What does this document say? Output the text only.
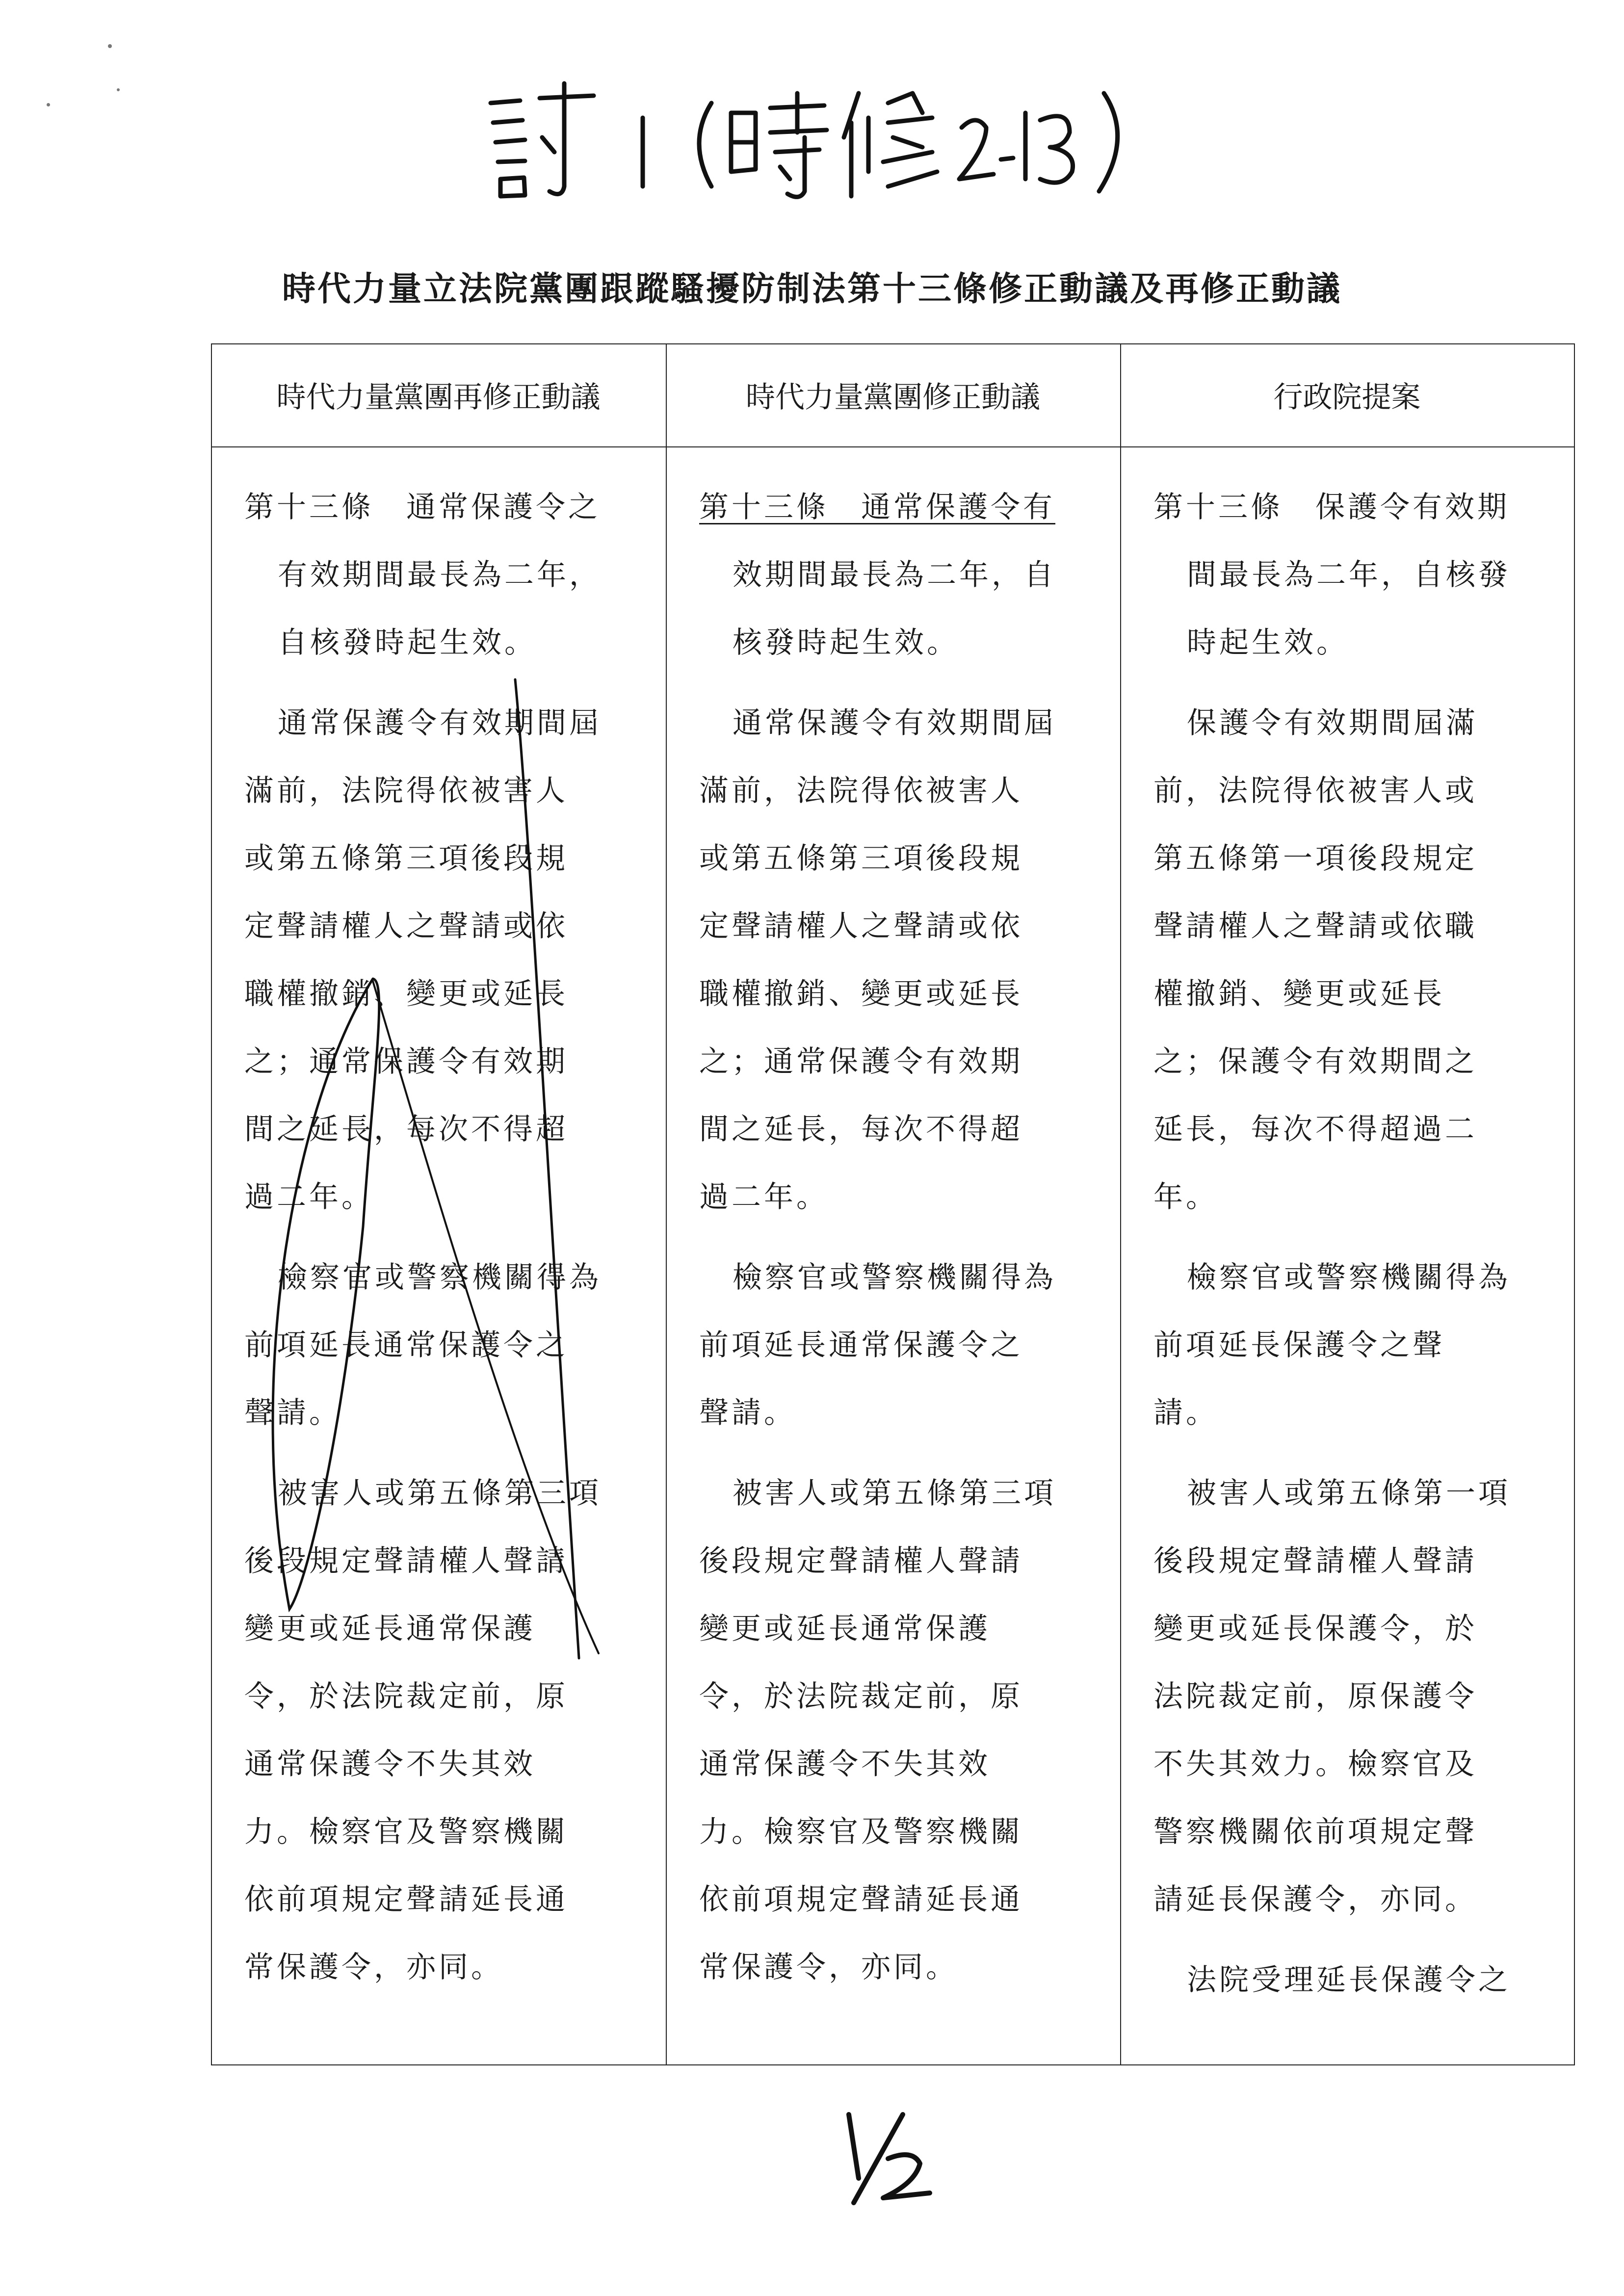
時代力量立法院黨團跟蹤騷擾防制法第十三條修正動議及再修正動議
時代力量黨團再修正動議	時代力量黨團修正動議	行政院提案

第十三條　通常保護令之
有效期間最長為二年，
自核發時起生效。

通常保護令有效期間屆
滿前，法院得依被害人
或第五條第三項後段規
定聲請權人之聲請或依
職權撤銷、變更或延長
之；通常保護令有效期
間之延長，每次不得超
過二年。

檢察官或警察機關得為
前項延長通常保護令之
聲請。

被害人或第五條第三項
後段規定聲請權人聲請
變更或延長通常保護
令，於法院裁定前，原
通常保護令不失其效
力。檢察官及警察機關
依前項規定聲請延長通
常保護令，亦同。

第十三條　通常保護令有
效期間最長為二年，自
核發時起生效。

通常保護令有效期間屆
滿前，法院得依被害人
或第五條第三項後段規
定聲請權人之聲請或依
職權撤銷、變更或延長
之；通常保護令有效期
間之延長，每次不得超
過二年。

檢察官或警察機關得為
前項延長通常保護令之
聲請。

被害人或第五條第三項
後段規定聲請權人聲請
變更或延長通常保護
令，於法院裁定前，原
通常保護令不失其效
力。檢察官及警察機關
依前項規定聲請延長通
常保護令，亦同。

第十三條　保護令有效期
間最長為二年，自核發
時起生效。

保護令有效期間屆滿
前，法院得依被害人或
第五條第一項後段規定
聲請權人之聲請或依職
權撤銷、變更或延長
之；保護令有效期間之
延長，每次不得超過二
年。

檢察官或警察機關得為
前項延長保護令之聲
請。

被害人或第五條第一項
後段規定聲請權人聲請
變更或延長保護令，於
法院裁定前，原保護令
不失其效力。檢察官及
警察機關依前項規定聲
請延長保護令，亦同。

法院受理延長保護令之
